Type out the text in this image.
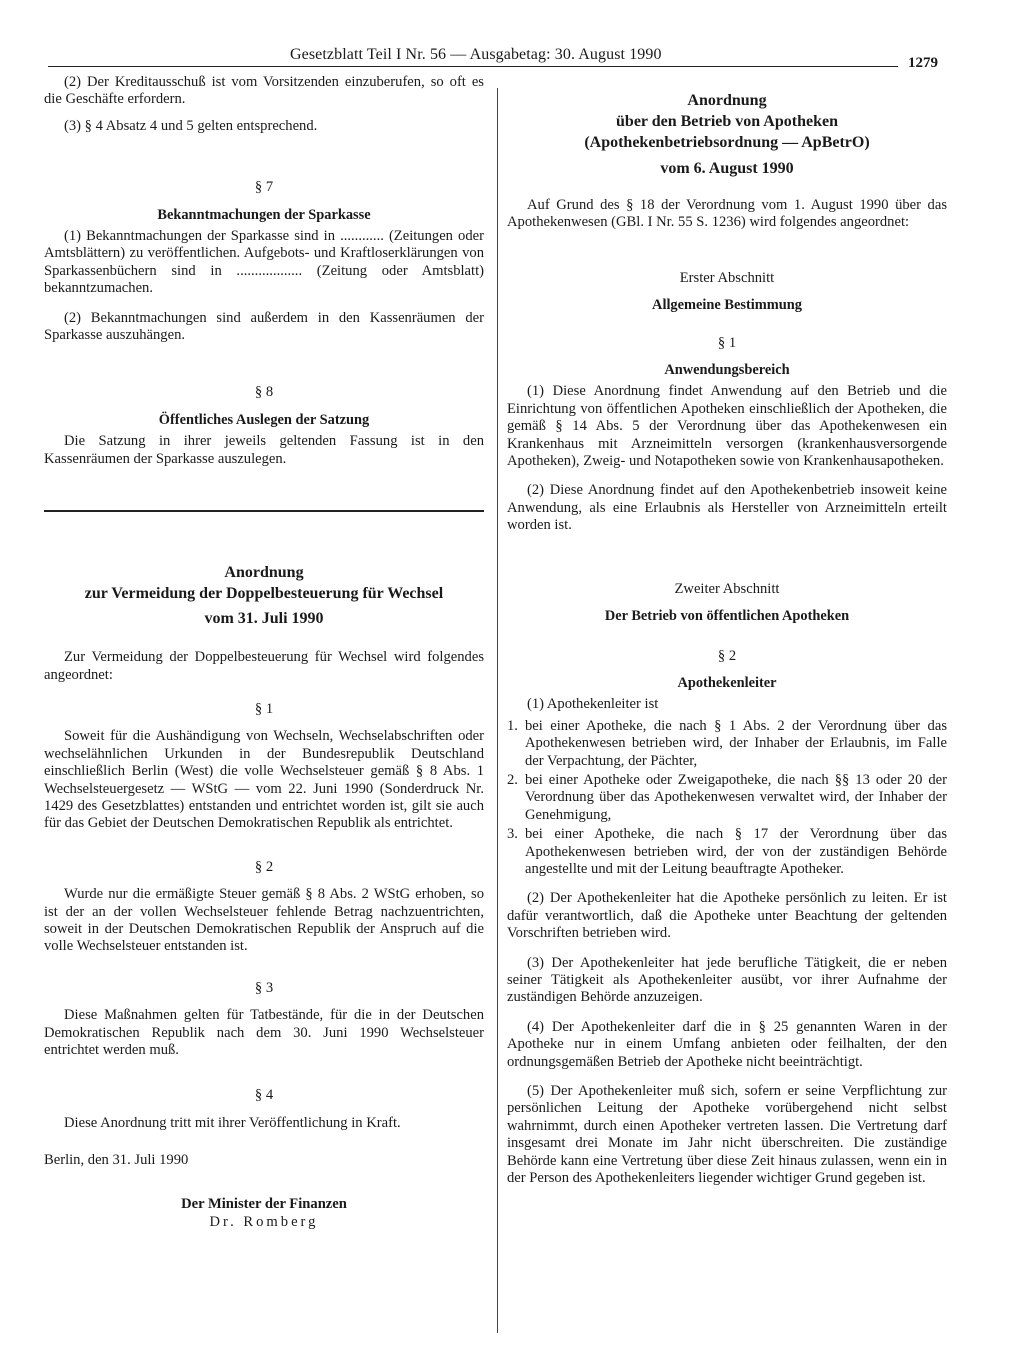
Gesetzblatt Teil I Nr. 56 — Ausgabetag: 30. August 1990	1279

(2) Der Kreditausschuß ist vom Vorsitzenden einzuberufen, so oft es die Geschäfte erfordern.

(3) § 4 Absatz 4 und 5 gelten entsprechend.

§ 7

Bekanntmachungen der Sparkasse

(1) Bekanntmachungen der Sparkasse sind in ............ (Zeitungen oder Amtsblättern) zu veröffentlichen. Aufgebots- und Kraftloserklärungen von Sparkassenbüchern sind in .................. (Zeitung oder Amtsblatt) bekanntzumachen.

(2) Bekanntmachungen sind außerdem in den Kassenräumen der Sparkasse auszuhängen.

§ 8

Öffentliches Auslegen der Satzung

Die Satzung in ihrer jeweils geltenden Fassung ist in den Kassenräumen der Sparkasse auszulegen.

Anordnung

zur Vermeidung der Doppelbesteuerung für Wechsel

vom 31. Juli 1990

Zur Vermeidung der Doppelbesteuerung für Wechsel wird folgendes angeordnet:

§ 1

Soweit für die Aushändigung von Wechseln, Wechselabschriften oder wechselähnlichen Urkunden in der Bundesrepublik Deutschland einschließlich Berlin (West) die volle Wechselsteuer gemäß § 8 Abs. 1 Wechselsteuergesetz — WStG — vom 22. Juni 1990 (Sonderdruck Nr. 1429 des Gesetzblattes) entstanden und entrichtet worden ist, gilt sie auch für das Gebiet der Deutschen Demokratischen Republik als entrichtet.

§ 2

Wurde nur die ermäßigte Steuer gemäß § 8 Abs. 2 WStG erhoben, so ist der an der vollen Wechselsteuer fehlende Betrag nachzuentrichten, soweit in der Deutschen Demokratischen Republik der Anspruch auf die volle Wechselsteuer entstanden ist.

§ 3

Diese Maßnahmen gelten für Tatbestände, für die in der Deutschen Demokratischen Republik nach dem 30. Juni 1990 Wechselsteuer entrichtet werden muß.

§ 4

Diese Anordnung tritt mit ihrer Veröffentlichung in Kraft.

Berlin, den 31. Juli 1990

Der Minister der Finanzen

Dr. Romberg

Anordnung

über den Betrieb von Apotheken

(Apothekenbetriebsordnung — ApBetrO)

vom 6. August 1990

Auf Grund des § 18 der Verordnung vom 1. August 1990 über das Apothekenwesen (GBl. I Nr. 55 S. 1236) wird folgendes angeordnet:

Erster Abschnitt

Allgemeine Bestimmung

§ 1

Anwendungsbereich

(1) Diese Anordnung findet Anwendung auf den Betrieb und die Einrichtung von öffentlichen Apotheken einschließlich der Apotheken, die gemäß § 14 Abs. 5 der Verordnung über das Apothekenwesen ein Krankenhaus mit Arzneimitteln versorgen (krankenhausversorgende Apotheken), Zweig- und Notapotheken sowie von Krankenhausapotheken.

(2) Diese Anordnung findet auf den Apothekenbetrieb insoweit keine Anwendung, als eine Erlaubnis als Hersteller von Arzneimitteln erteilt worden ist.

Zweiter Abschnitt

Der Betrieb von öffentlichen Apotheken

§ 2

Apothekenleiter

(1) Apothekenleiter ist

1. bei einer Apotheke, die nach § 1 Abs. 2 der Verordnung über das Apothekenwesen betrieben wird, der Inhaber der Erlaubnis, im Falle der Verpachtung, der Pächter,

2. bei einer Apotheke oder Zweigapotheke, die nach §§ 13 oder 20 der Verordnung über das Apothekenwesen verwaltet wird, der Inhaber der Genehmigung,

3. bei einer Apotheke, die nach § 17 der Verordnung über das Apothekenwesen betrieben wird, der von der zuständigen Behörde angestellte und mit der Leitung beauftragte Apotheker.

(2) Der Apothekenleiter hat die Apotheke persönlich zu leiten. Er ist dafür verantwortlich, daß die Apotheke unter Beachtung der geltenden Vorschriften betrieben wird.

(3) Der Apothekenleiter hat jede berufliche Tätigkeit, die er neben seiner Tätigkeit als Apothekenleiter ausübt, vor ihrer Aufnahme der zuständigen Behörde anzuzeigen.

(4) Der Apothekenleiter darf die in § 25 genannten Waren in der Apotheke nur in einem Umfang anbieten oder feilhalten, der den ordnungsgemäßen Betrieb der Apotheke nicht beeinträchtigt.

(5) Der Apothekenleiter muß sich, sofern er seine Verpflichtung zur persönlichen Leitung der Apotheke vorübergehend nicht selbst wahrnimmt, durch einen Apotheker vertreten lassen. Die Vertretung darf insgesamt drei Monate im Jahr nicht überschreiten. Die zuständige Behörde kann eine Vertretung über diese Zeit hinaus zulassen, wenn ein in der Person des Apothekenleiters liegender wichtiger Grund gegeben ist.
